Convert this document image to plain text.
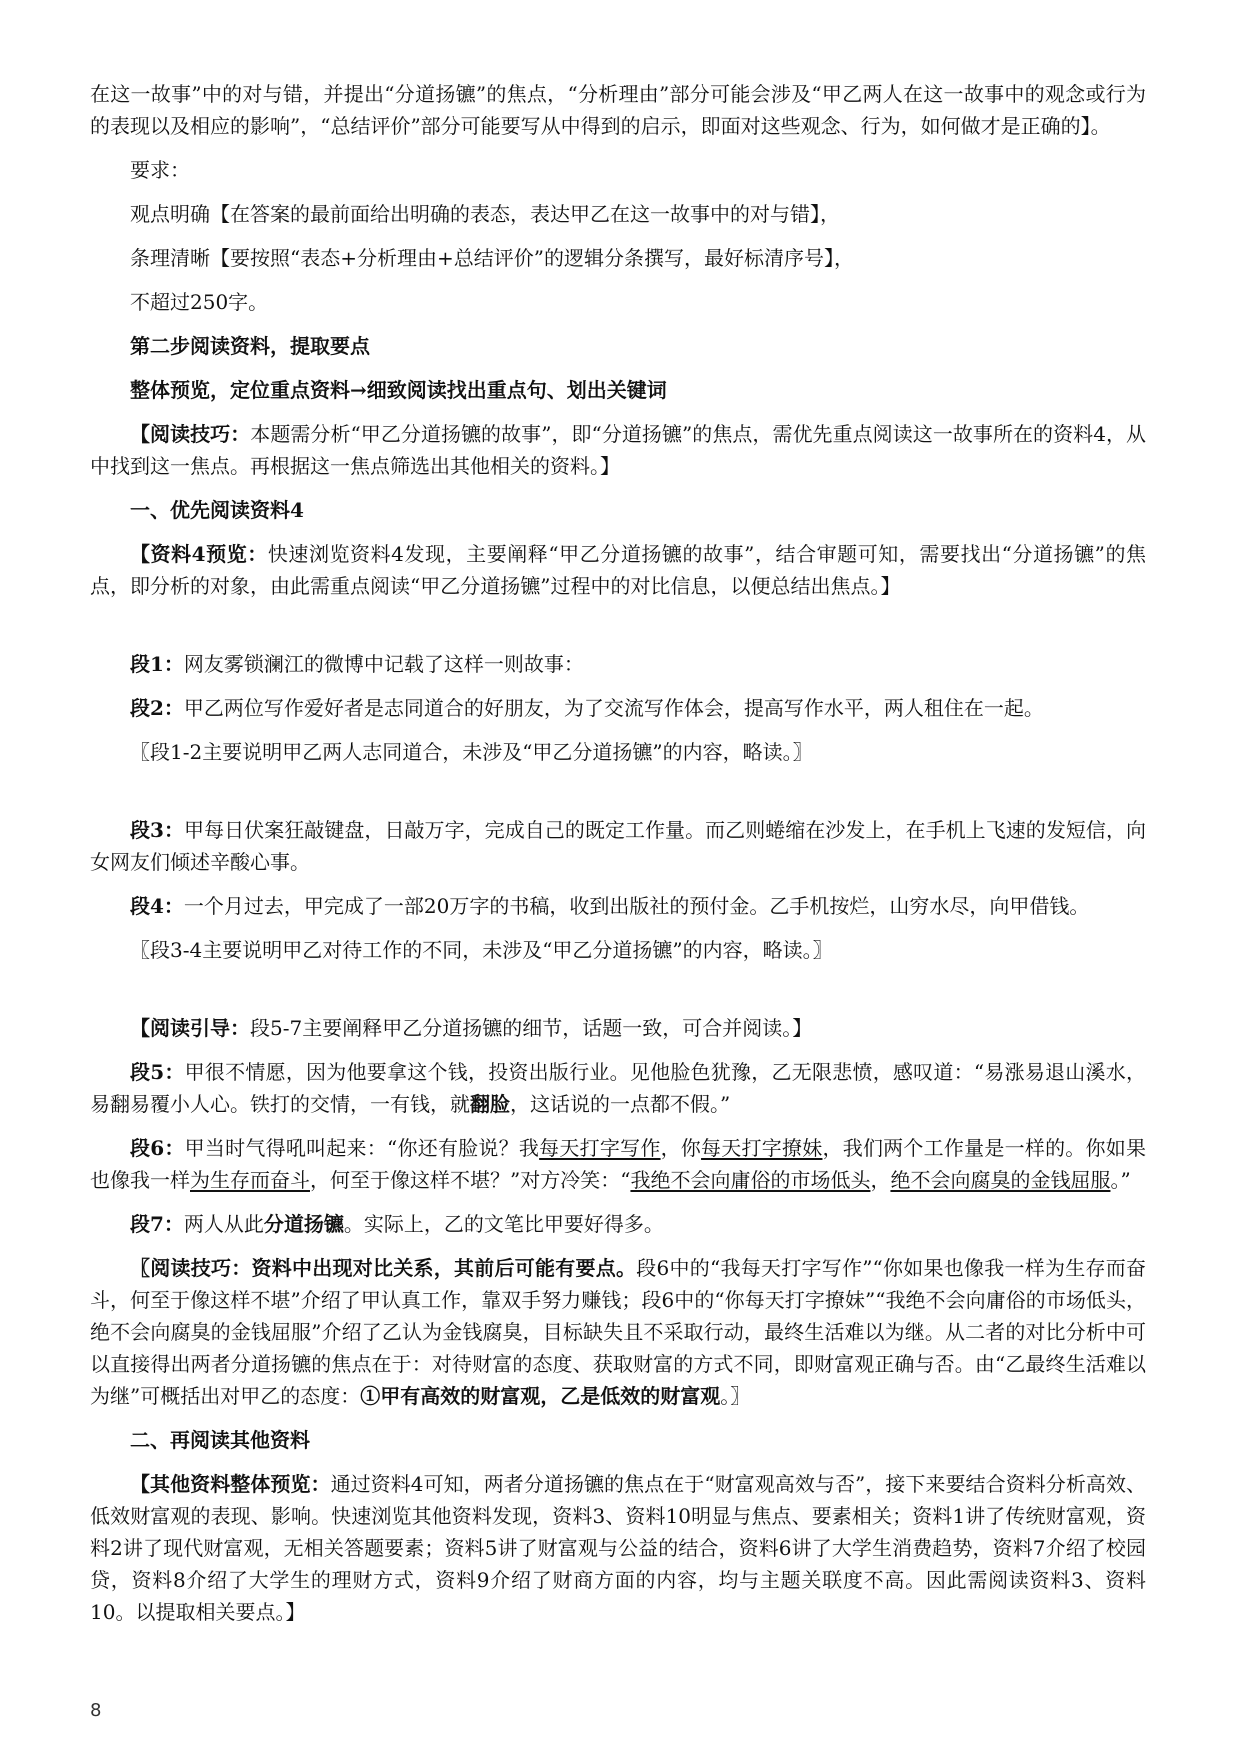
在这一故事”中的对与错，并提出“分道扬镳”的焦点，“分析理由”部分可能会涉及“甲乙两人在这一故事中的观念或行为的表现以及相应的影响”，“总结评价”部分可能要写从中得到的启示，即面对这些观念、行为，如何做才是正确的】。

要求：

观点明确【在答案的最前面给出明确的表态，表达甲乙在这一故事中的对与错】，

条理清晰【要按照“表态+分析理由+总结评价”的逻辑分条撰写，最好标清序号】，

不超过250字。

第二步阅读资料，提取要点

整体预览，定位重点资料→细致阅读找出重点句、划出关键词

【阅读技巧：本题需分析“甲乙分道扬镳的故事”，即“分道扬镳”的焦点，需优先重点阅读这一故事所在的资料4，从中找到这一焦点。再根据这一焦点筛选出其他相关的资料。】

一、优先阅读资料4

【资料4预览：快速浏览资料4发现，主要阐释“甲乙分道扬镳的故事”，结合审题可知，需要找出“分道扬镳”的焦点，即分析的对象，由此需重点阅读“甲乙分道扬镳”过程中的对比信息，以便总结出焦点。】

段1：网友雾锁澜江的微博中记载了这样一则故事：

段2：甲乙两位写作爱好者是志同道合的好朋友，为了交流写作体会，提高写作水平，两人租住在一起。

〖段1-2主要说明甲乙两人志同道合，未涉及“甲乙分道扬镳”的内容，略读。〗

段3：甲每日伏案狂敲键盘，日敲万字，完成自己的既定工作量。而乙则蜷缩在沙发上，在手机上飞速的发短信，向女网友们倾述辛酸心事。

段4：一个月过去，甲完成了一部20万字的书稿，收到出版社的预付金。乙手机按烂，山穷水尽，向甲借钱。

〖段3-4主要说明甲乙对待工作的不同，未涉及“甲乙分道扬镳”的内容，略读。〗

【阅读引导：段5-7主要阐释甲乙分道扬镳的细节，话题一致，可合并阅读。】

段5：甲很不情愿，因为他要拿这个钱，投资出版行业。见他脸色犹豫，乙无限悲愤，感叹道：“易涨易退山溪水，易翻易覆小人心。铁打的交情，一有钱，就翻脸，这话说的一点都不假。”

段6：甲当时气得吼叫起来：“你还有脸说？我每天打字写作，你每天打字撩妹，我们两个工作量是一样的。你如果也像我一样为生存而奋斗，何至于像这样不堪？”对方冷笑：“我绝不会向庸俗的市场低头，绝不会向腐臭的金钱屈服。”

段7：两人从此分道扬镳。实际上，乙的文笔比甲要好得多。

〖阅读技巧：资料中出现对比关系，其前后可能有要点。段6中的“我每天打字写作”“你如果也像我一样为生存而奋斗，何至于像这样不堪”介绍了甲认真工作，靠双手努力赚钱；段6中的“你每天打字撩妹”“我绝不会向庸俗的市场低头，绝不会向腐臭的金钱屈服”介绍了乙认为金钱腐臭，目标缺失且不采取行动，最终生活难以为继。从二者的对比分析中可以直接得出两者分道扬镳的焦点在于：对待财富的态度、获取财富的方式不同，即财富观正确与否。由“乙最终生活难以为继”可概括出对甲乙的态度：①甲有高效的财富观，乙是低效的财富观。〗

二、再阅读其他资料

【其他资料整体预览：通过资料4可知，两者分道扬镳的焦点在于“财富观高效与否”，接下来要结合资料分析高效、低效财富观的表现、影响。快速浏览其他资料发现，资料3、资料10明显与焦点、要素相关；资料1讲了传统财富观，资料2讲了现代财富观，无相关答题要素；资料5讲了财富观与公益的结合，资料6讲了大学生消费趋势，资料7介绍了校园贷，资料8介绍了大学生的理财方式，资料9介绍了财商方面的内容，均与主题关联度不高。因此需阅读资料3、资料10。以提取相关要点。】

8
